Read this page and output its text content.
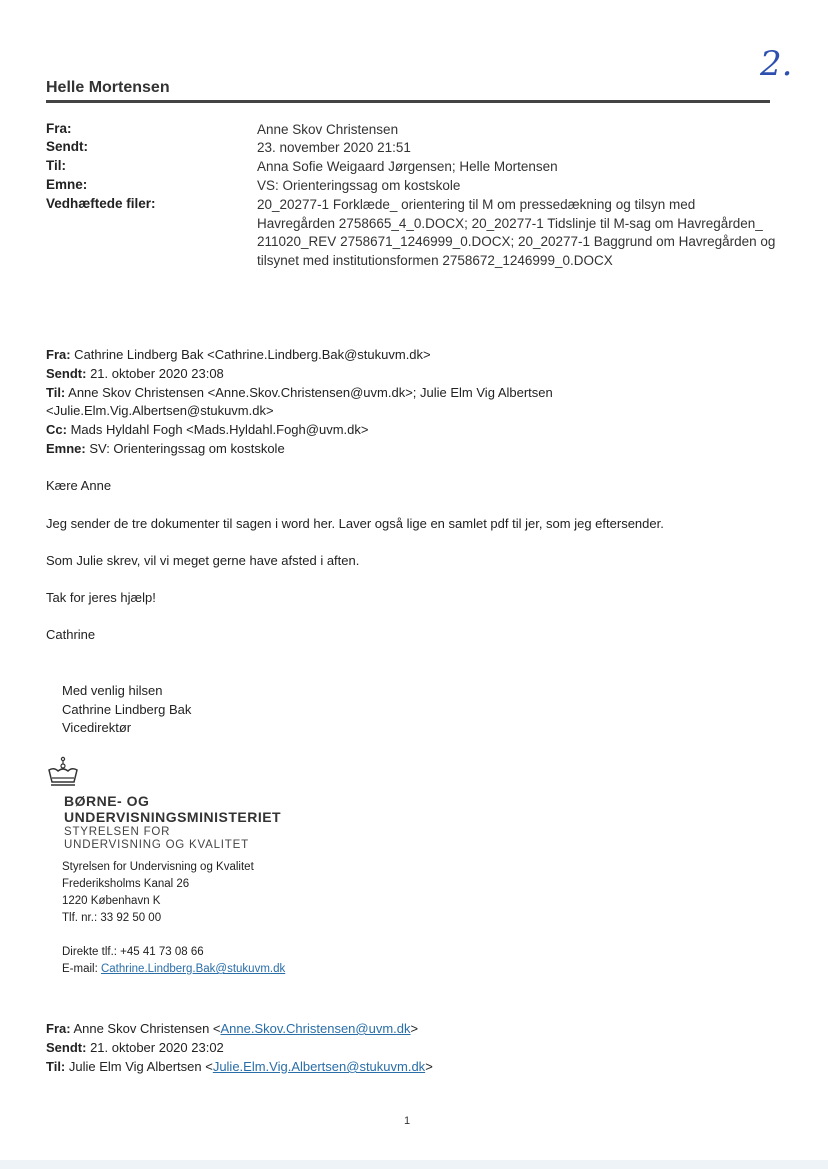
Helle Mortensen
2.
Fra:	Anne Skov Christensen
Sendt:	23. november 2020 21:51
Til:	Anna Sofie Weigaard Jørgensen; Helle Mortensen
Emne:	VS: Orienteringssag om kostskole
Vedhæftede filer:	20_20277-1 Forklæde_ orientering til M om pressedækning og tilsyn med
Havregården 2758665_4_0.DOCX; 20_20277-1 Tidslinje til M-sag om Havregården_
211020_REV 2758671_1246999_0.DOCX; 20_20277-1 Baggrund om Havregården og
tilsynet med institutionsformen 2758672_1246999_0.DOCX
Fra: Cathrine Lindberg Bak <Cathrine.Lindberg.Bak@stukuvm.dk>
Sendt: 21. oktober 2020 23:08
Til: Anne Skov Christensen <Anne.Skov.Christensen@uvm.dk>; Julie Elm Vig Albertsen
<Julie.Elm.Vig.Albertsen@stukuvm.dk>
Cc: Mads Hyldahl Fogh <Mads.Hyldahl.Fogh@uvm.dk>
Emne: SV: Orienteringssag om kostskole
Kære Anne
Jeg sender de tre dokumenter til sagen i word her. Laver også lige en samlet pdf til jer, som jeg eftersender.
Som Julie skrev, vil vi meget gerne have afsted i aften.
Tak for jeres hjælp!
Cathrine
Med venlig hilsen
Cathrine Lindberg Bak
Vicedirektør
BØRNE- OG
UNDERVISNINGSMINISTERIET
STYRELSEN FOR
UNDERVISNING OG KVALITET
Styrelsen for Undervisning og Kvalitet
Frederiksholms Kanal 26
1220 København K
Tlf. nr.: 33 92 50 00
Direkte tlf.: +45 41 73 08 66
E-mail: Cathrine.Lindberg.Bak@stukuvm.dk
Fra: Anne Skov Christensen <Anne.Skov.Christensen@uvm.dk>
Sendt: 21. oktober 2020 23:02
Til: Julie Elm Vig Albertsen <Julie.Elm.Vig.Albertsen@stukuvm.dk>
1
